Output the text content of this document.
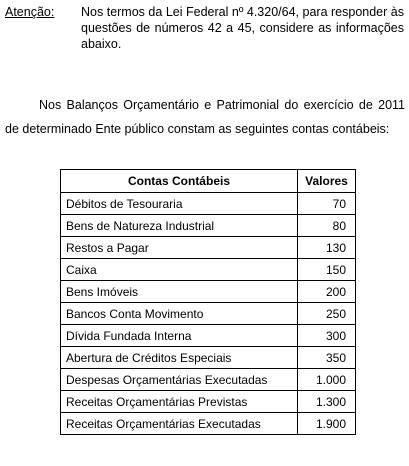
Atenção: Nos termos da Lei Federal nº 4.320/64, para responder às questões de números 42 a 45, considere as informações abaixo.

Nos Balanços Orçamentário e Patrimonial do exercício de 2011 de determinado Ente público constam as seguintes contas contábeis:

Contas Contábeis	Valores
Débitos de Tesouraria	70
Bens de Natureza Industrial	80
Restos a Pagar	130
Caixa	150
Bens Imóveis	200
Bancos Conta Movimento	250
Dívida Fundada Interna	300
Abertura de Créditos Especiais	350
Despesas Orçamentárias Executadas	1.000
Receitas Orçamentárias Previstas	1.300
Receitas Orçamentárias Executadas	1.900
